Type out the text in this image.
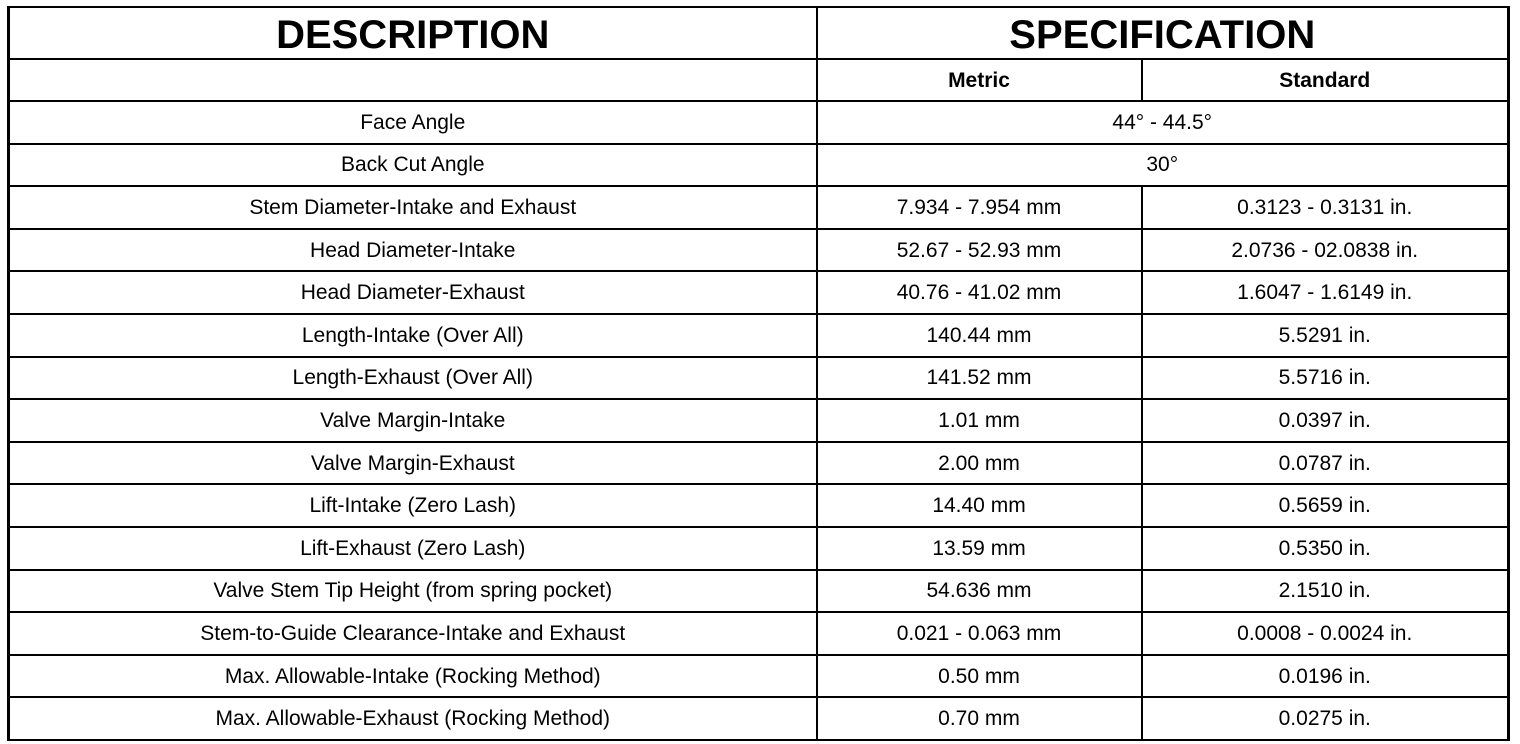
DESCRIPTION	SPECIFICATION	
	Metric	Standard
Face Angle	44° - 44.5°	
Back Cut Angle	30°	
Stem Diameter-Intake and Exhaust	7.934 - 7.954 mm	0.3123 - 0.3131 in.
Head Diameter-Intake	52.67 - 52.93 mm	2.0736 - 02.0838 in.
Head Diameter-Exhaust	40.76 - 41.02 mm	1.6047 - 1.6149 in.
Length-Intake (Over All)	140.44 mm	5.5291 in.
Length-Exhaust (Over All)	141.52 mm	5.5716 in.
Valve Margin-Intake	1.01 mm	0.0397 in.
Valve Margin-Exhaust	2.00 mm	0.0787 in.
Lift-Intake (Zero Lash)	14.40 mm	0.5659 in.
Lift-Exhaust (Zero Lash)	13.59 mm	0.5350 in.
Valve Stem Tip Height (from spring pocket)	54.636 mm	2.1510 in.
Stem-to-Guide Clearance-Intake and Exhaust	0.021 - 0.063 mm	0.0008 - 0.0024 in.
Max. Allowable-Intake (Rocking Method)	0.50 mm	0.0196 in.
Max. Allowable-Exhaust (Rocking Method)	0.70 mm	0.0275 in.
